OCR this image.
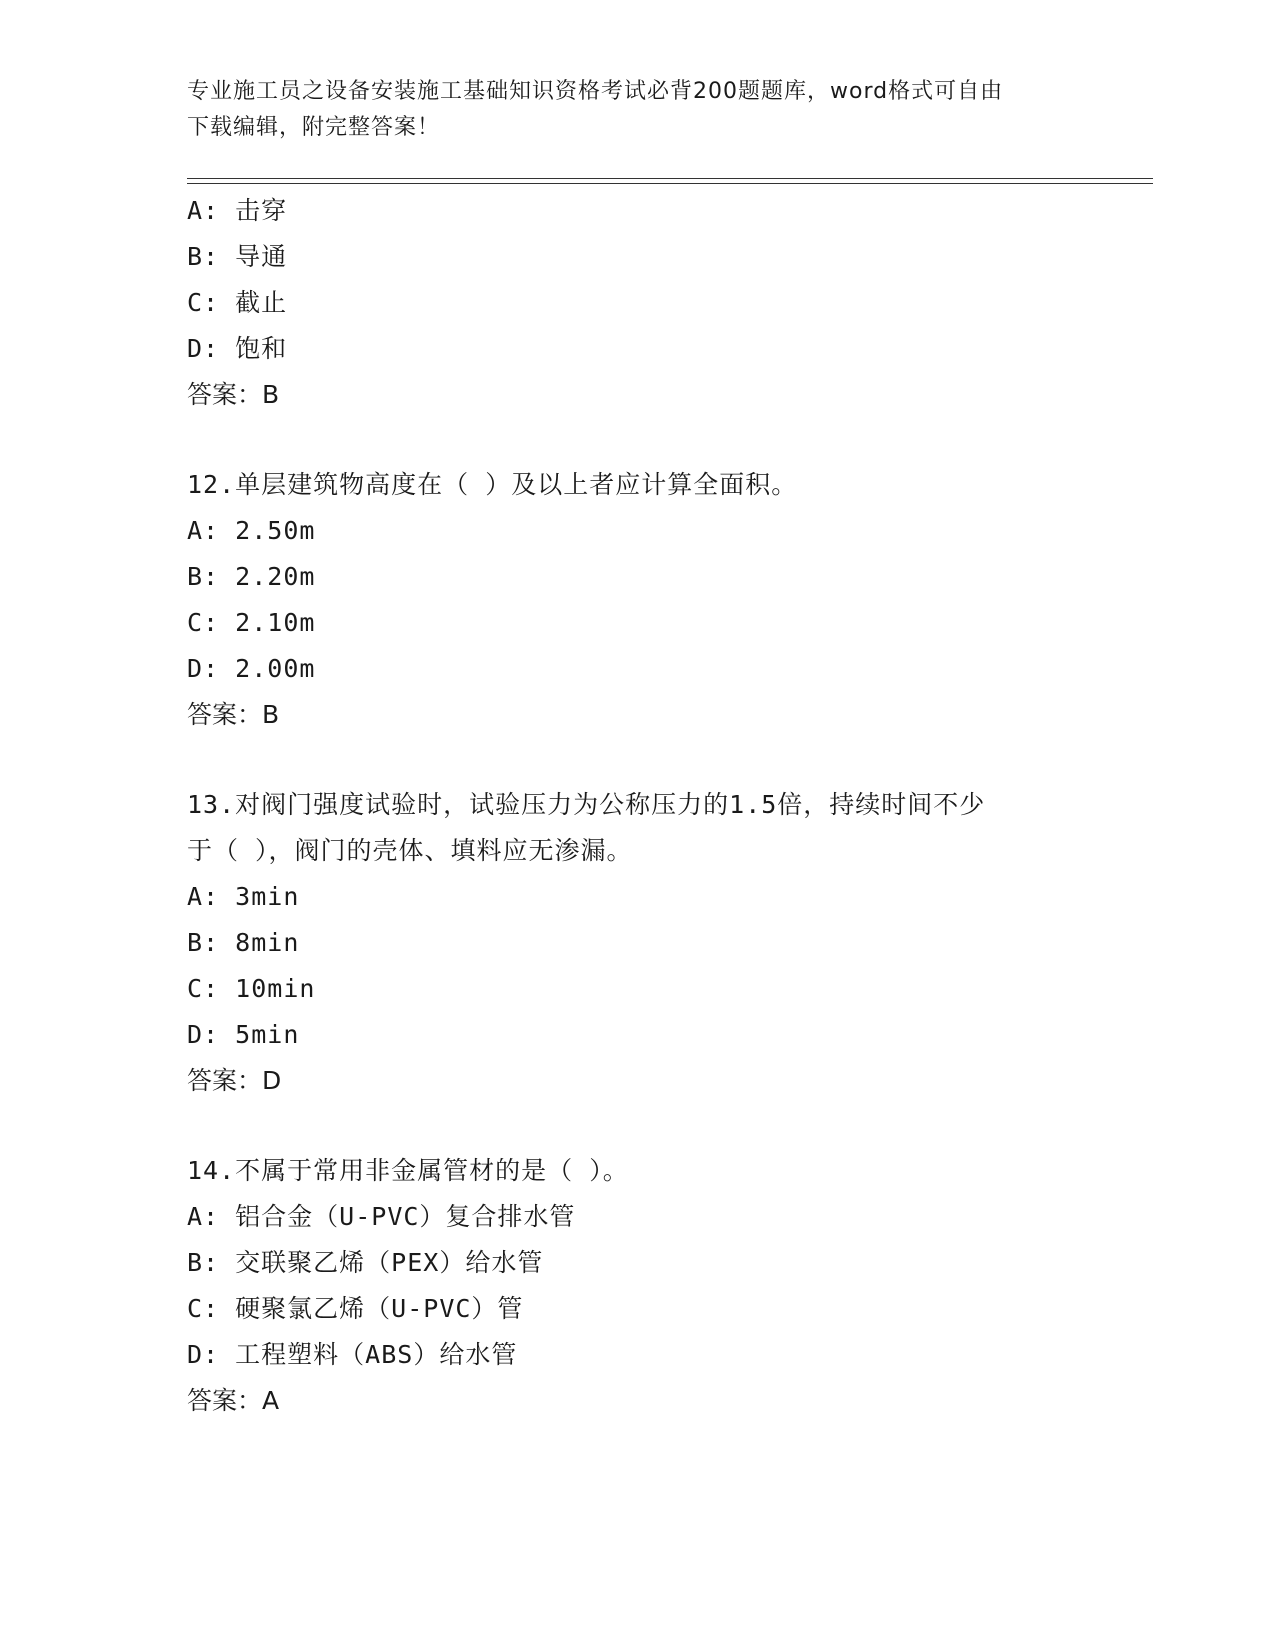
专业施工员之设备安装施工基础知识资格考试必背200题题库，word格式可自由
下载编辑，附完整答案！
A: 击穿
B: 导通
C: 截止
D: 饱和
答案：B
12.单层建筑物高度在（ ）及以上者应计算全面积。
A: 2.50m
B: 2.20m
C: 2.10m
D: 2.00m
答案：B
13.对阀门强度试验时，试验压力为公称压力的1.5倍，持续时间不少
于（ ），阀门的壳体、填料应无渗漏。
A: 3min
B: 8min
C: 10min
D: 5min
答案：D
14.不属于常用非金属管材的是（ ）。
A: 铝合金（U-PVC）复合排水管
B: 交联聚乙烯（PEX）给水管
C: 硬聚氯乙烯（U-PVC）管
D: 工程塑料（ABS）给水管
答案：A
